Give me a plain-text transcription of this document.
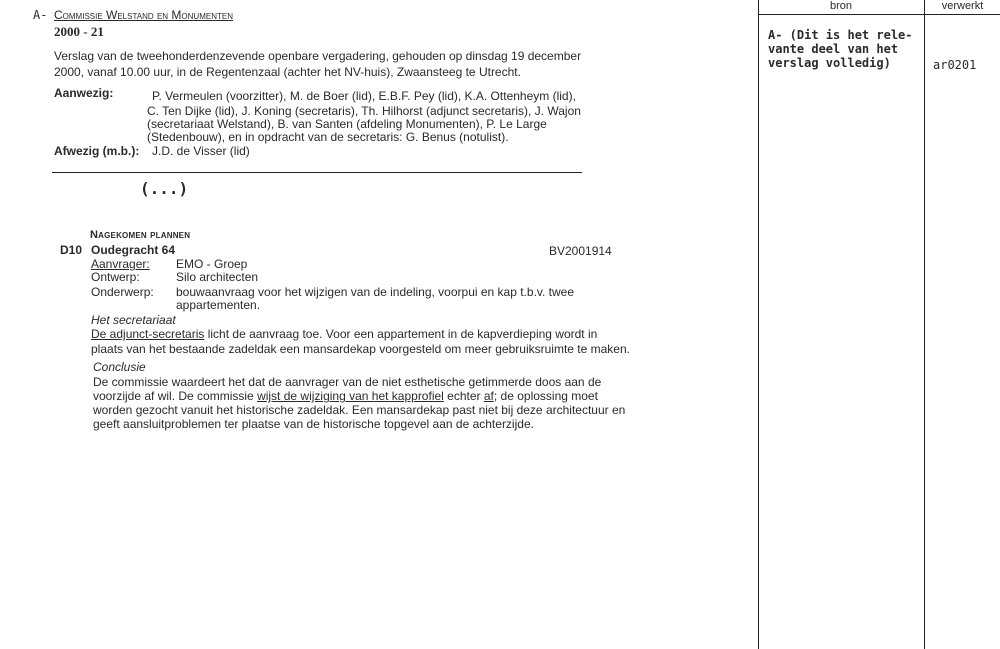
A- Commissie Welstand en Monumenten
2000 - 21
Verslag van de tweehonderdenzevende openbare vergadering, gehouden op dinsdag 19 december
2000, vanaf 10.00 uur, in de Regentenzaal (achter het NV-huis), Zwaansteeg te Utrecht.
Aanwezig:	P. Vermeulen (voorzitter), M. de Boer (lid), E.B.F. Pey (lid), K.A. Ottenheym (lid),
C. Ten Dijke (lid), J. Koning (secretaris), Th. Hilhorst (adjunct secretaris), J. Wajon
(secretariaat Welstand), B. van Santen (afdeling Monumenten), P. Le Large
(Stedenbouw), en in opdracht van de secretaris: G. Benus (notulist).
Afwezig (m.b.): J.D. de Visser (lid)
(...)
Nagekomen plannen
D10 Oudegracht 64	BV2001914
Aanvrager: EMO - Groep
Ontwerp:	Silo architecten
Onderwerp: bouwaanvraag voor het wijzigen van de indeling, voorpui en kap t.b.v. twee
appartementen.
Het secretariaat
De adjunct-secretaris licht de aanvraag toe. Voor een appartement in de kapverdieping wordt in
plaats van het bestaande zadeldak een mansardekap voorgesteld om meer gebruiksruimte te maken.
Conclusie
De commissie waardeert het dat de aanvrager van de niet esthetische getimmerde doos aan de
voorzijde af wil. De commissie wijst de wijziging van het kapprofiel echter af; de oplossing moet
worden gezocht vanuit het historische zadeldak. Een mansardekap past niet bij deze architectuur en
geeft aansluitproblemen ter plaatse van de historische topgevel aan de achterzijde.
bron	verwerkt
A- (Dit is het rele-
vante deel van het
verslag volledig)	ar0201
